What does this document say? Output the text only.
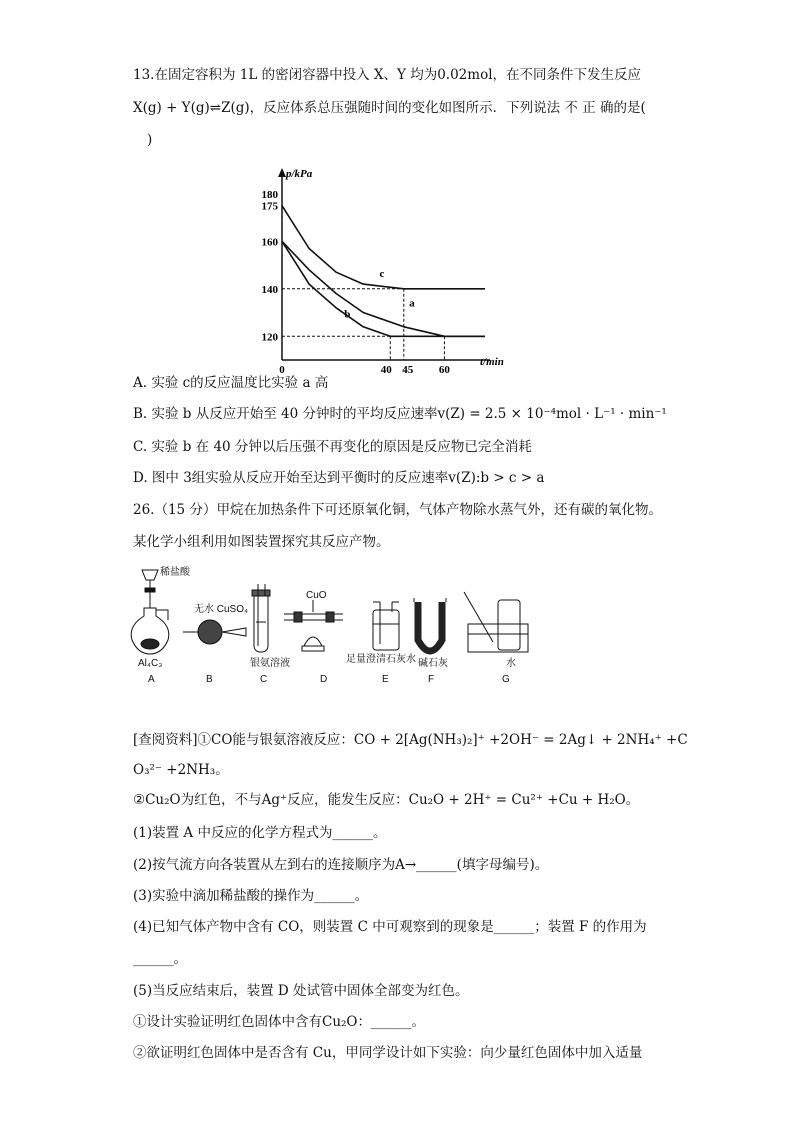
13.在固定容积为 1L 的密闭容器中投入 X、Y 均为0.02mol，在不同条件下发生反应
X(g) + Y(g)⇌Z(g)，反应体系总压强随时间的变化如图所示．下列说法 不 正 确的是(
)
p/kPa
t/min
a
b
c
120
140
160
175
180
0	40 45 60
A. 实验 c的反应温度比实验 a 高
B. 实验 b 从反应开始至 40 分钟时的平均反应速率v(Z) = 2.5 × 10⁻⁴mol · L⁻¹ · min⁻¹
C. 实验 b 在 40 分钟以后压强不再变化的原因是反应物已完全消耗
D. 图中 3组实验从反应开始至达到平衡时的反应速率v(Z):b > c > a
26.（15 分）甲烷在加热条件下可还原氧化铜，气体产物除水蒸气外，还有碳的氧化物。
某化学小组利用如图装置探究其反应产物。
稀盐酸
Al₄C₃
无水 CuSO₄
银氨溶液
CuO
足量澄清石灰水 碱石灰	水
A	B	C	D	E	F	G
[查阅资料]①CO能与银氨溶液反应：CO + 2[Ag(NH₃)₂]⁺ +2OH⁻ = 2Ag↓ + 2NH₄⁺ +C
O₃²⁻ +2NH₃。
②Cu₂O为红色，不与Ag⁺反应，能发生反应：Cu₂O + 2H⁺ = Cu²⁺ +Cu + H₂O。
(1)装置 A 中反应的化学方程式为______。
(2)按气流方向各装置从左到右的连接顺序为A→______(填字母编号)。
(3)实验中滴加稀盐酸的操作为______。
(4)已知气体产物中含有 CO，则装置 C 中可观察到的现象是______；装置 F 的作用为
______。
(5)当反应结束后，装置 D 处试管中固体全部变为红色。
①设计实验证明红色固体中含有Cu₂O：______。
②欲证明红色固体中是否含有 Cu，甲同学设计如下实验：向少量红色固体中加入适量
